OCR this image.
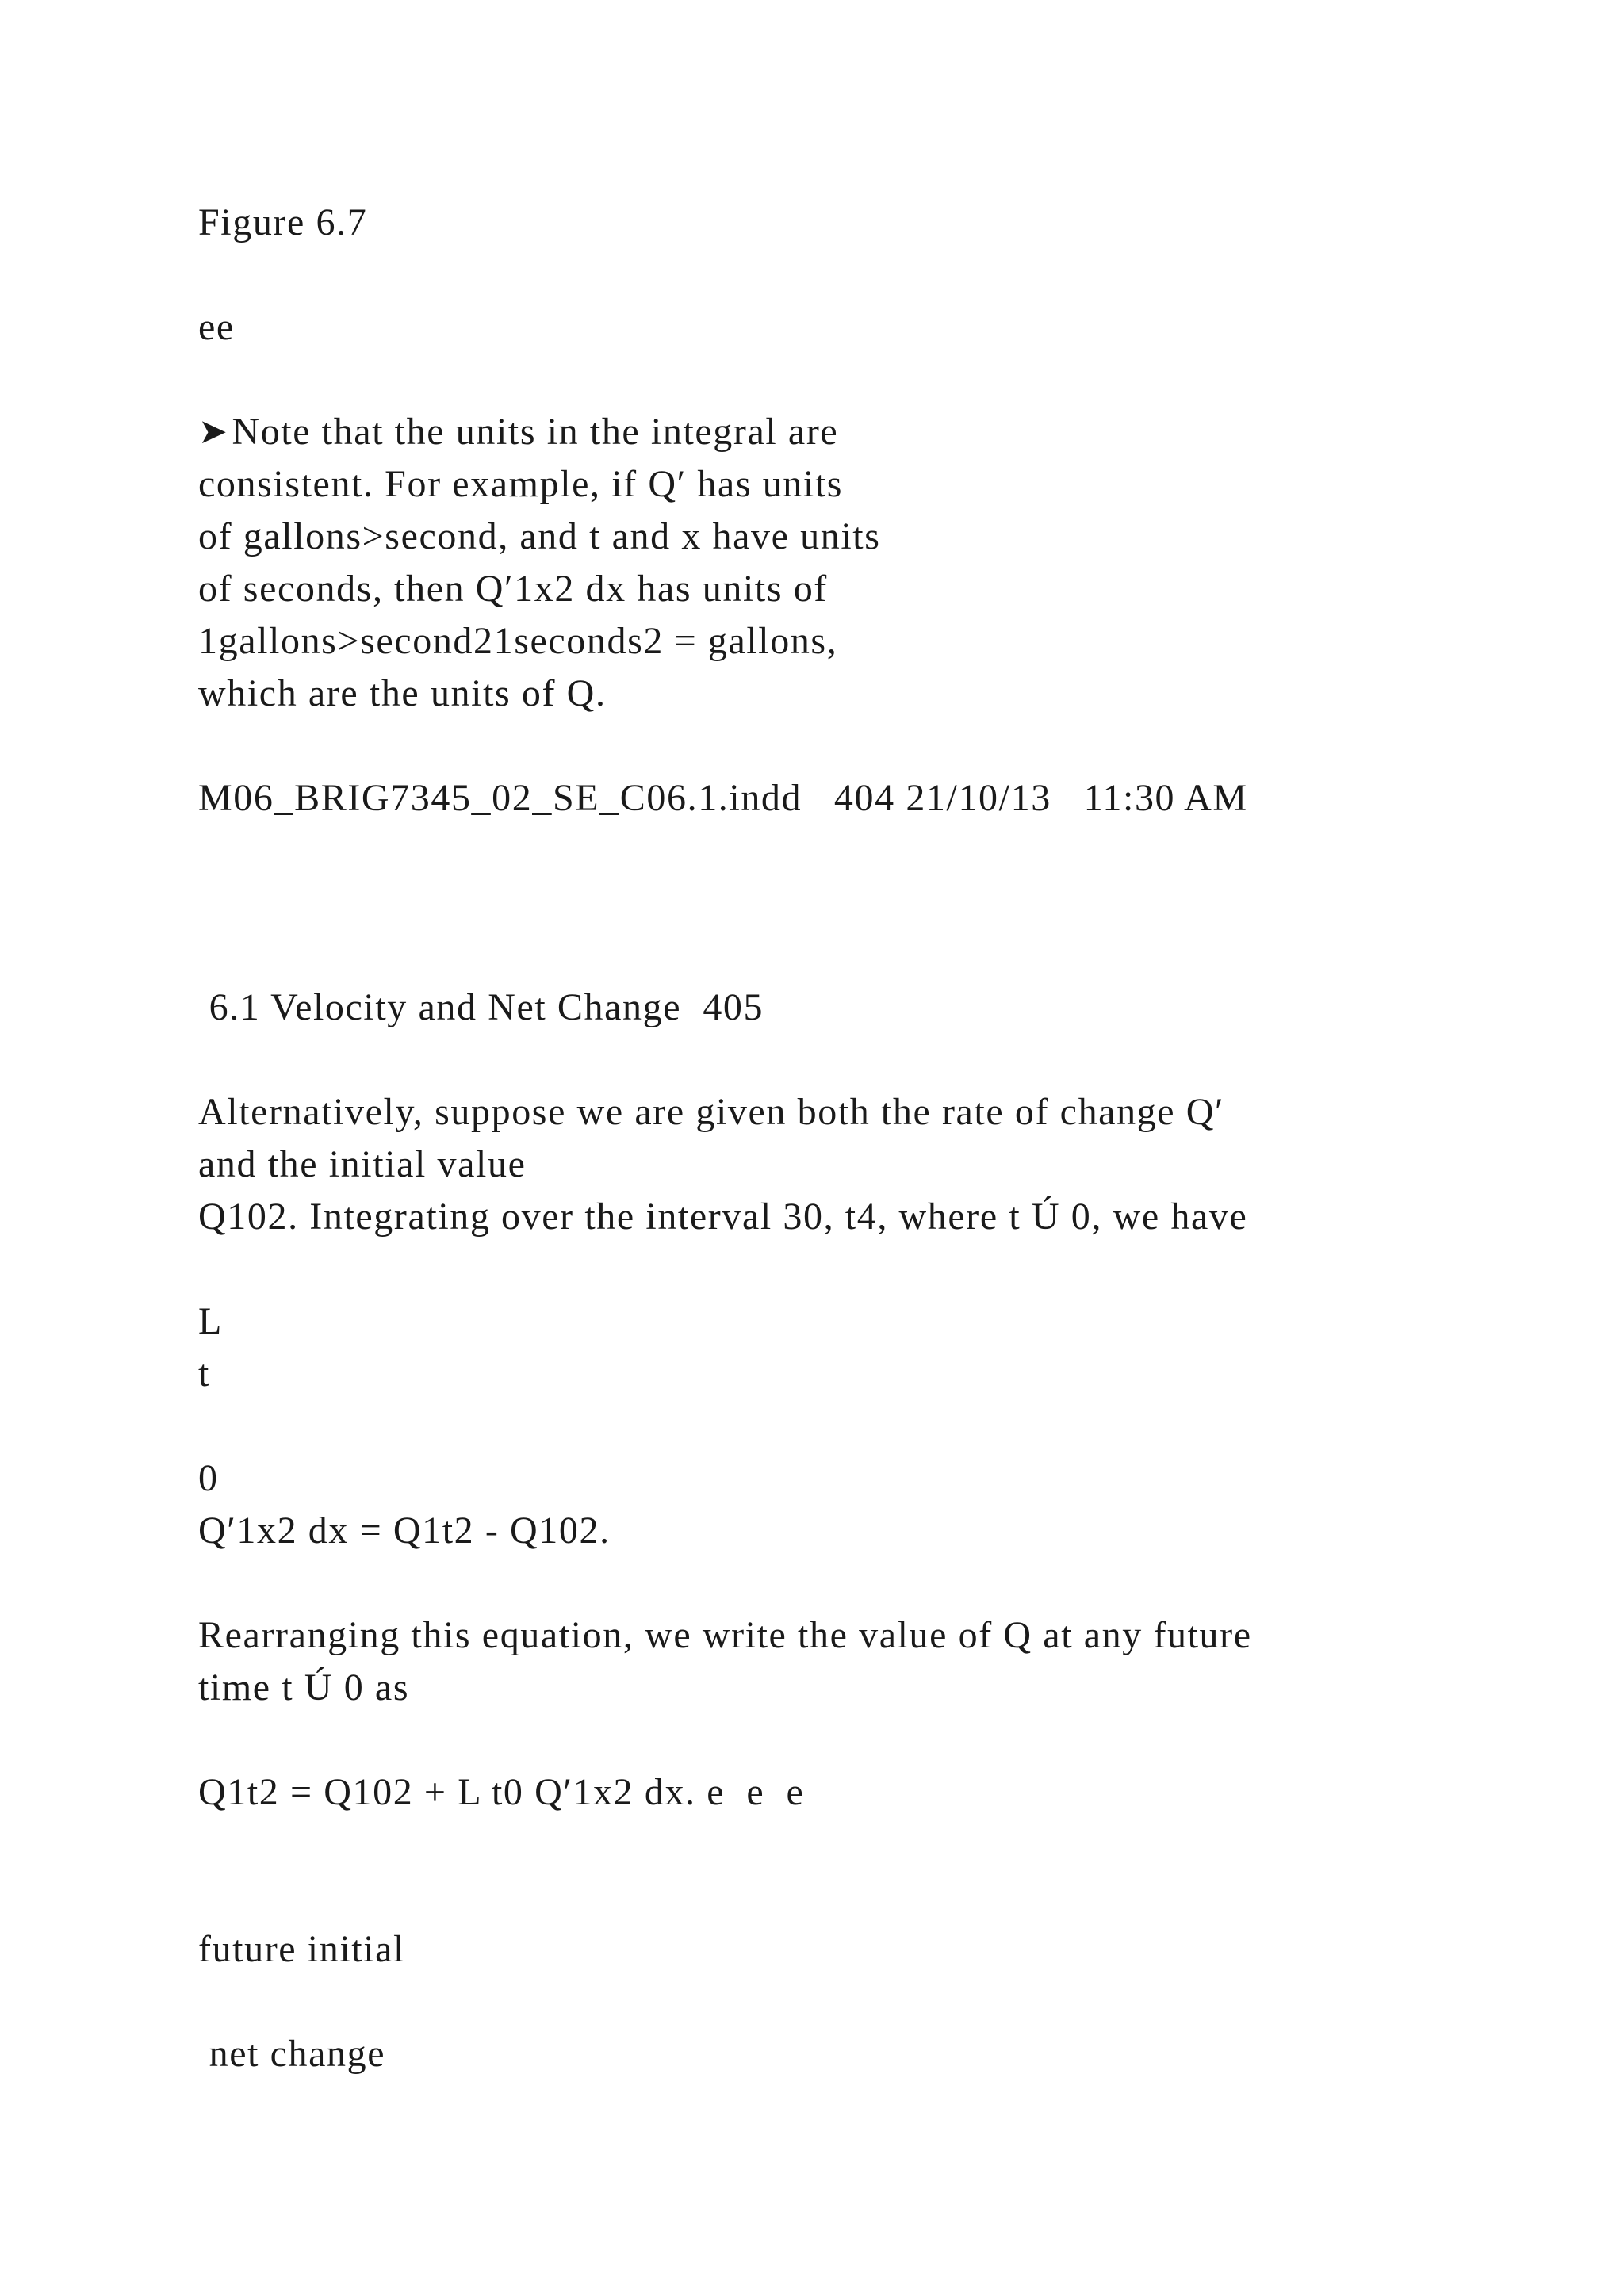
Figure 6.7

ee

➤Note that the units in the integral are

consistent. For example, if Q′ has units

of gallons>second, and t and x have units

of seconds, then Q′1x2 dx has units of

1gallons>second21seconds2 = gallons,

which are the units of Q.

M06_BRIG7345_02_SE_C06.1.indd   404 21/10/13   11:30 AM

6.1 Velocity and Net Change  405

Alternatively, suppose we are given both the rate of change Q′

and the initial value

Q102. Integrating over the interval 30, t4, where t Ú 0, we have

L

t

0

Q′1x2 dx = Q1t2 - Q102.

Rearranging this equation, we write the value of Q at any future

time t Ú 0 as

Q1t2 = Q102 + L t0 Q′1x2 dx. e  e  e

future initial

net change
